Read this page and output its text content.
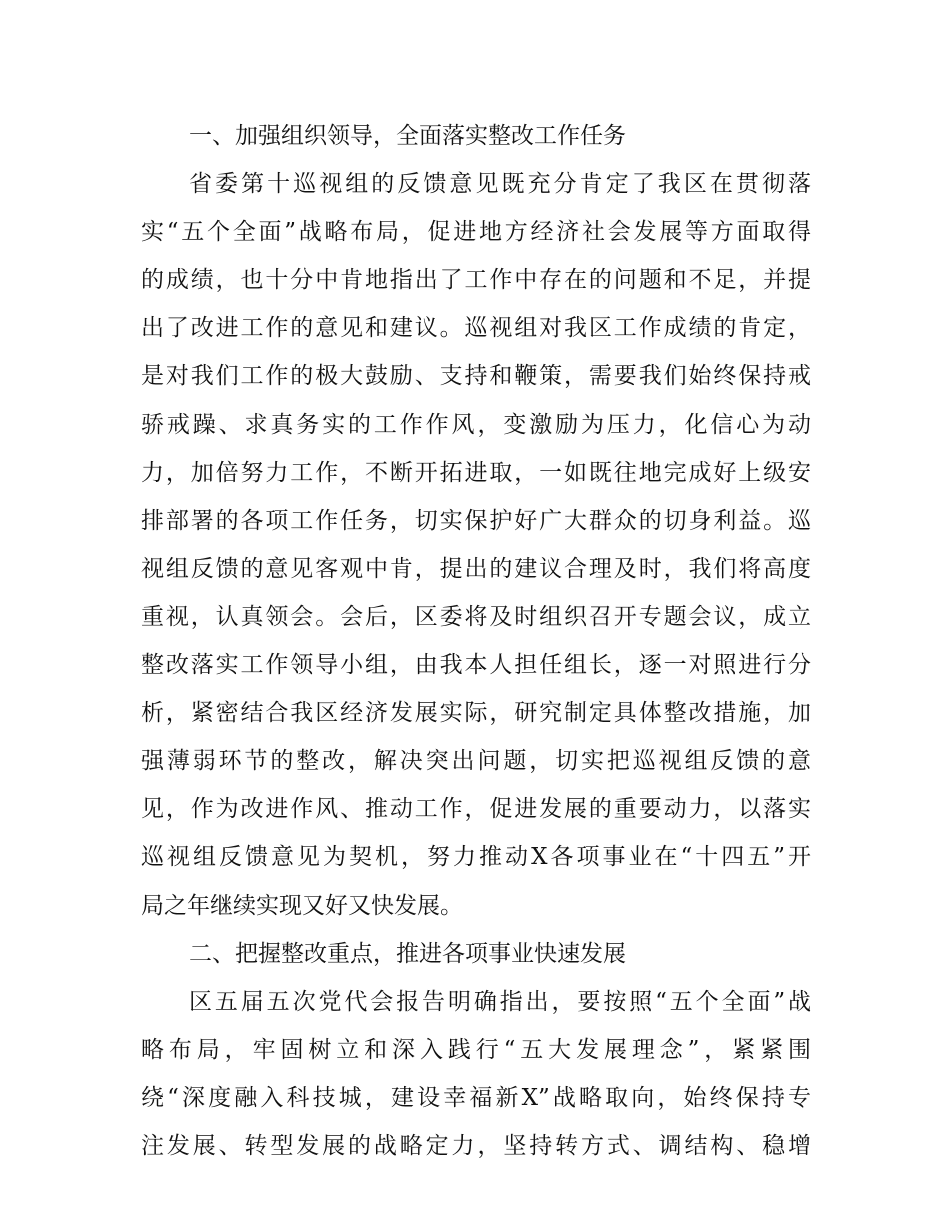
一、加强组织领导，全面落实整改工作任务
省委第十巡视组的反馈意见既充分肯定了我区在贯彻落
实“五个全面”战略布局，促进地方经济社会发展等方面取得
的成绩，也十分中肯地指出了工作中存在的问题和不足，并提
出了改进工作的意见和建议。巡视组对我区工作成绩的肯定，
是对我们工作的极大鼓励、支持和鞭策，需要我们始终保持戒
骄戒躁、求真务实的工作作风，变激励为压力，化信心为动
力，加倍努力工作，不断开拓进取，一如既往地完成好上级安
排部署的各项工作任务，切实保护好广大群众的切身利益。巡
视组反馈的意见客观中肯，提出的建议合理及时，我们将高度
重视，认真领会。会后，区委将及时组织召开专题会议，成立
整改落实工作领导小组，由我本人担任组长，逐一对照进行分
析，紧密结合我区经济发展实际，研究制定具体整改措施，加
强薄弱环节的整改，解决突出问题，切实把巡视组反馈的意
见，作为改进作风、推动工作，促进发展的重要动力，以落实
巡视组反馈意见为契机，努力推动X各项事业在“十四五”开
局之年继续实现又好又快发展。
二、把握整改重点，推进各项事业快速发展
区五届五次党代会报告明确指出，要按照“五个全面”战
略布局，牢固树立和深入践行“五大发展理念”，紧紧围
绕“深度融入科技城，建设幸福新X”战略取向，始终保持专
注发展、转型发展的战略定力，坚持转方式、调结构、稳增
